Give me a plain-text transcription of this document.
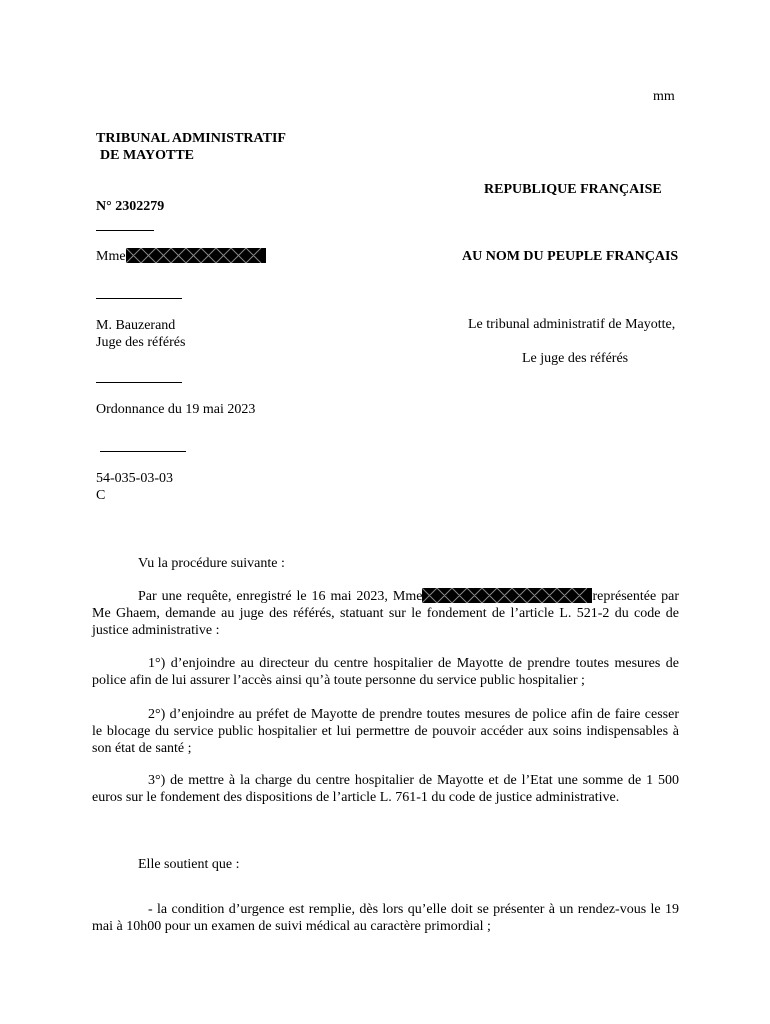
mm
TRIBUNAL ADMINISTRATIF
DE MAYOTTE
N° 2302279
Mme
M. Bauzerand
Juge des référés
Ordonnance du 19 mai 2023
54-035-03-03
C
REPUBLIQUE FRANÇAISE
AU NOM DU PEUPLE FRANÇAIS
Le tribunal administratif de Mayotte,
Le juge des référés
Vu la procédure suivante :
Par une requête, enregistré le 16 mai 2023, Mme	représentée par Me Ghaem, demande au juge des référés, statuant sur le fondement de l’article L. 521-2 du code de justice administrative :
1°) d’enjoindre au directeur du centre hospitalier de Mayotte de prendre toutes mesures de police afin de lui assurer l’accès ainsi qu’à toute personne du service public hospitalier ;
2°) d’enjoindre au préfet de Mayotte de prendre toutes mesures de police afin de faire cesser le blocage du service public hospitalier et lui permettre de pouvoir accéder aux soins indispensables à son état de santé ;
3°) de mettre à la charge du centre hospitalier de Mayotte et de l’Etat une somme de 1 500 euros sur le fondement des dispositions de l’article L. 761-1 du code de justice administrative.
Elle soutient que :
- la condition d’urgence est remplie, dès lors qu’elle doit se présenter à un rendez-vous le 19 mai à 10h00 pour un examen de suivi médical au caractère primordial ;
